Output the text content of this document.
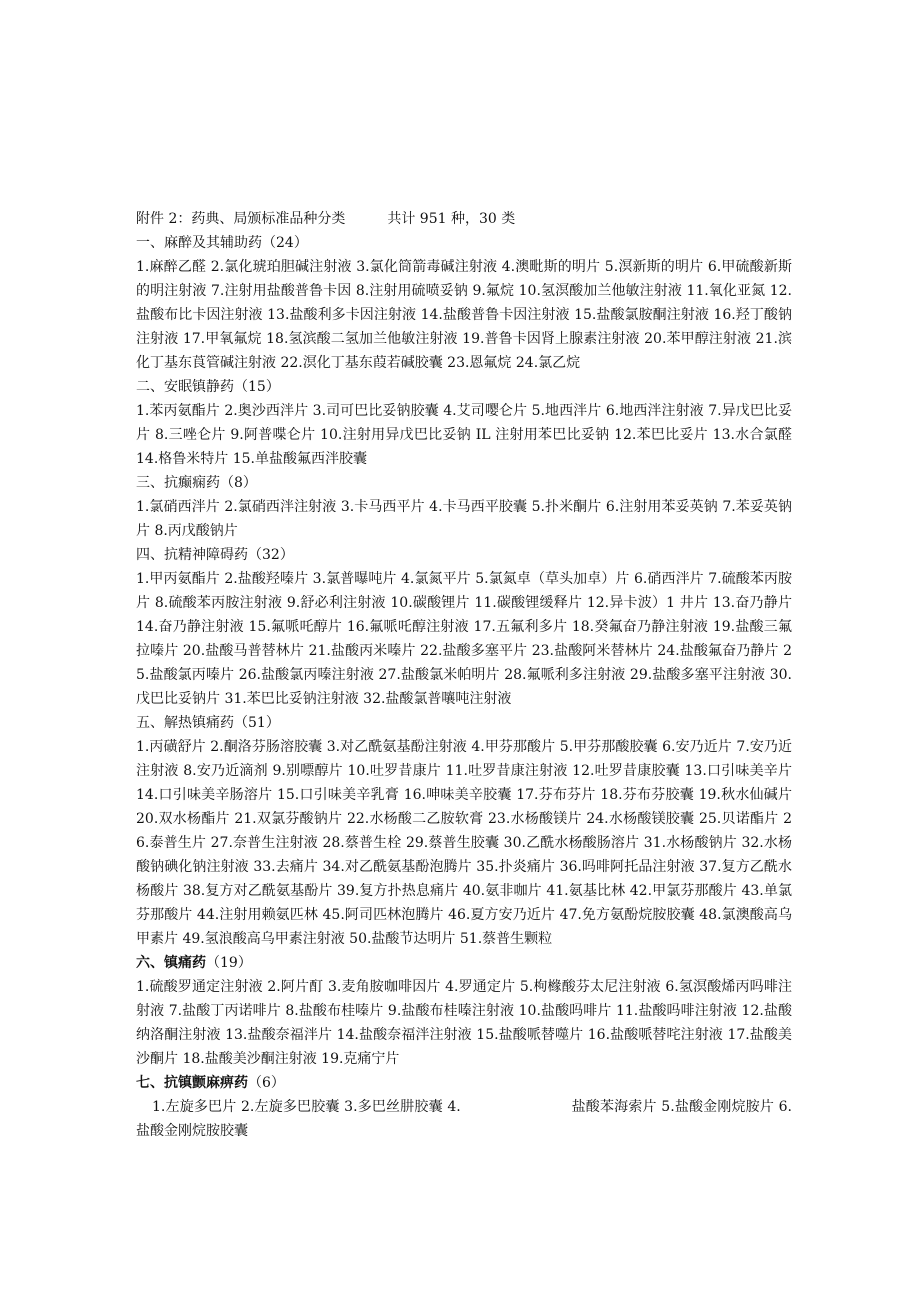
附件 2：药典、局颁标准品种分类	共计 951 种，30 类
一、麻醉及其辅助药（24）
1.麻醉乙醛 2.氯化琥珀胆碱注射液 3.氯化筒箭毒碱注射液 4.澳毗斯的明片 5.溟新斯的明片 6.甲硫酸新斯的明注射液 7.注射用盐酸普鲁卡因 8.注射用硫喷妥钠 9.氟烷 10.氢溟酸加兰他敏注射液 11.氧化亚氮 12.盐酸布比卡因注射液 13.盐酸利多卡因注射液 14.盐酸普鲁卡因注射液 15.盐酸氯胺酮注射液 16.羟丁酸钠注射液 17.甲氧氟烷 18.氢滨酸二氢加兰他敏注射液 19.普鲁卡因肾上腺素注射液 20.苯甲醇注射液 21.滨化丁基东莨管碱注射液 22.溟化丁基东葭若碱胶囊 23.恩氟烷 24.氯乙烷
二、安眠镇静药（15）
1.苯丙氨酯片 2.奥沙西泮片 3.司可巴比妥钠胶囊 4.艾司嘤仑片 5.地西泮片 6.地西泮注射液 7.异戊巴比妥片 8.三唑仑片 9.阿普喋仑片 10.注射用异戊巴比妥钠 IL 注射用苯巴比妥钠 12.苯巴比妥片 13.水合氯醛 14.格鲁米特片 15.单盐酸氟西泮胶囊
三、抗癫痫药（8）
1.氯硝西泮片 2.氯硝西泮注射液 3.卡马西平片 4.卡马西平胶囊 5.扑米酮片 6.注射用苯妥英钠 7.苯妥英钠片 8.丙戊酸钠片
四、抗精神障碍药（32）
1.甲丙氨酯片 2.盐酸羟嗪片 3.氯普曝吨片 4.氯氮平片 5.氯氮卓（草头加卓）片 6.硝西泮片 7.硫酸苯丙胺片 8.硫酸苯丙胺注射液 9.舒必利注射液 10.碳酸锂片 11.碳酸锂缓释片 12.异卡波）1 井片 13.奋乃静片 14.奋乃静注射液 15.氟哌吒醇片 16.氟哌吒醇注射液 17.五氟利多片 18.癸氟奋乃静注射液 19.盐酸三氟拉嗪片 20.盐酸马普替林片 21.盐酸丙米嗪片 22.盐酸多塞平片 23.盐酸阿米替林片 24.盐酸氟奋乃静片 25.盐酸氯丙嗪片 26.盐酸氯丙嗪注射液 27.盐酸氯米帕明片 28.氟哌利多注射液 29.盐酸多塞平注射液 30.戊巴比妥钠片 31.苯巴比妥钠注射液 32.盐酸氯普嚷吨注射液
五、解热镇痛药（51）
1.丙磺舒片 2.酮洛芬肠溶胶囊 3.对乙酰氨基酚注射液 4.甲芬那酸片 5.甲芬那酸胶囊 6.安乃近片 7.安乃近注射液 8.安乃近滴剂 9.别嘌醇片 10.吐罗昔康片 11.吐罗昔康注射液 12.吐罗昔康胶囊 13.口引味美辛片 14.口引味美辛肠溶片 15.口引味美辛乳膏 16.呻味美辛胶囊 17.芬布芬片 18.芬布芬胶囊 19.秋水仙碱片 20.双水杨酯片 21.双氯芬酸钠片 22.水杨酸二乙胺软膏 23.水杨酸镁片 24.水杨酸镁胶囊 25.贝诺酯片 26.泰普生片 27.奈普生注射液 28.蔡普生栓 29.蔡普生胶囊 30.乙酰水杨酸肠溶片 31.水杨酸钠片 32.水杨酸钠碘化钠注射液 33.去痛片 34.对乙酰氨基酚泡腾片 35.扑炎痛片 36.吗啡阿托品注射液 37.复方乙酰水杨酸片 38.复方对乙酰氨基酚片 39.复方扑热息痛片 40.氨非咖片 41.氨基比林 42.甲氯芬那酸片 43.单氯芬那酸片 44.注射用赖氨匹林 45.阿司匹林泡腾片 46.夏方安乃近片 47.免方氨酚烷胺胶囊 48.氯澳酸高乌甲素片 49.氢浪酸高乌甲素注射液 50.盐酸节达明片 51.蔡普生颗粒
六、镇痛药（19）
1.硫酸罗通定注射液 2.阿片酊 3.麦角胺咖啡因片 4.罗通定片 5.枸橼酸芬太尼注射液 6.氢溟酸烯丙吗啡注射液 7.盐酸丁丙诺啡片 8.盐酸布桂嗪片 9.盐酸布桂嗪注射液 10.盐酸吗啡片 11.盐酸吗啡注射液 12.盐酸纳洛酮注射液 13.盐酸奈福泮片 14.盐酸奈福泮注射液 15.盐酸哌替噬片 16.盐酸哌替咤注射液 17.盐酸美沙酮片 18.盐酸美沙酮注射液 19.克痛宁片
七、抗镇颤麻痹药（6）
1.左旋多巴片 2.左旋多巴胶囊 3.多巴丝肼胶囊 4.                        盐酸苯海索片 5.盐酸金刚烷胺片 6.        盐酸金刚烷胺胶囊
